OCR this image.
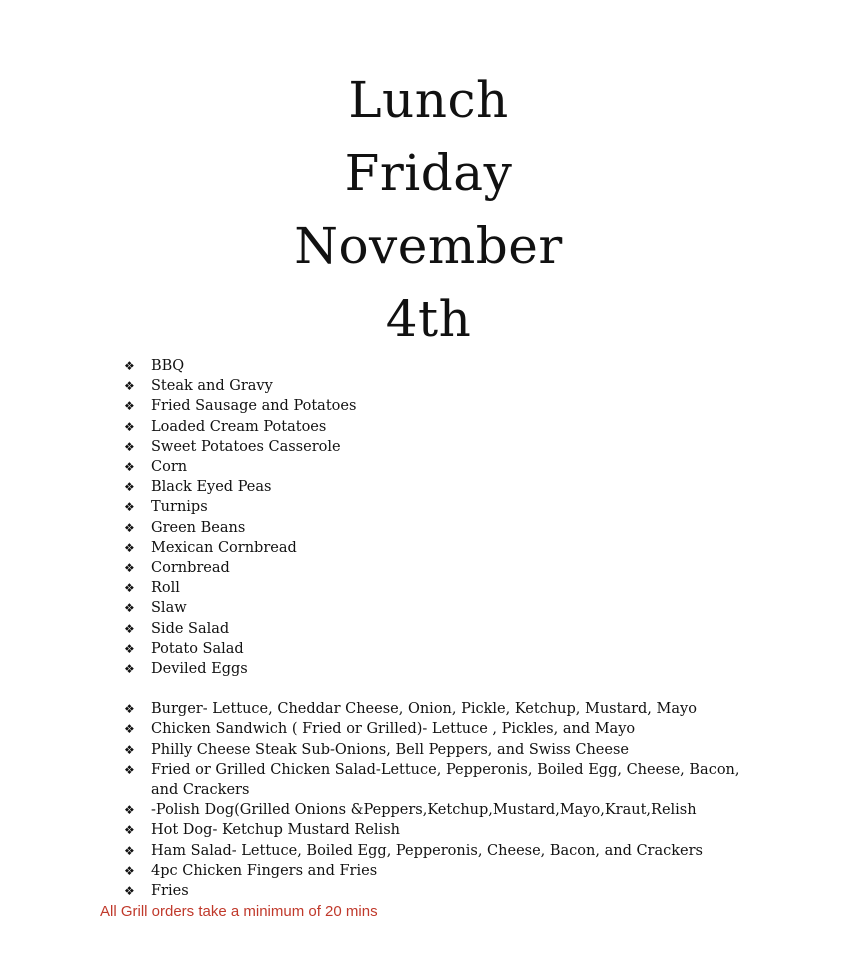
Lunch
Friday
November
4th
❖ BBQ
❖ Steak and Gravy
❖ Fried Sausage and Potatoes
❖ Loaded Cream Potatoes
❖ Sweet Potatoes Casserole
❖ Corn
❖ Black Eyed Peas
❖ Turnips
❖ Green Beans
❖ Mexican Cornbread
❖ Cornbread
❖ Roll
❖ Slaw
❖ Side Salad
❖ Potato Salad
❖ Deviled Eggs
❖ Burger- Lettuce, Cheddar Cheese, Onion, Pickle, Ketchup, Mustard, Mayo
❖ Chicken Sandwich ( Fried or Grilled)- Lettuce , Pickles, and Mayo
❖ Philly Cheese Steak Sub-Onions, Bell Peppers, and Swiss Cheese
❖ Fried or Grilled Chicken Salad-Lettuce, Pepperonis, Boiled Egg, Cheese, Bacon, and Crackers
❖ -Polish Dog(Grilled Onions &Peppers,Ketchup,Mustard,Mayo,Kraut,Relish
❖ Hot Dog- Ketchup Mustard Relish
❖ Ham Salad- Lettuce, Boiled Egg, Pepperonis, Cheese, Bacon, and Crackers
❖ 4pc Chicken Fingers and Fries
❖ Fries
All Grill orders take a minimum of 20 mins
